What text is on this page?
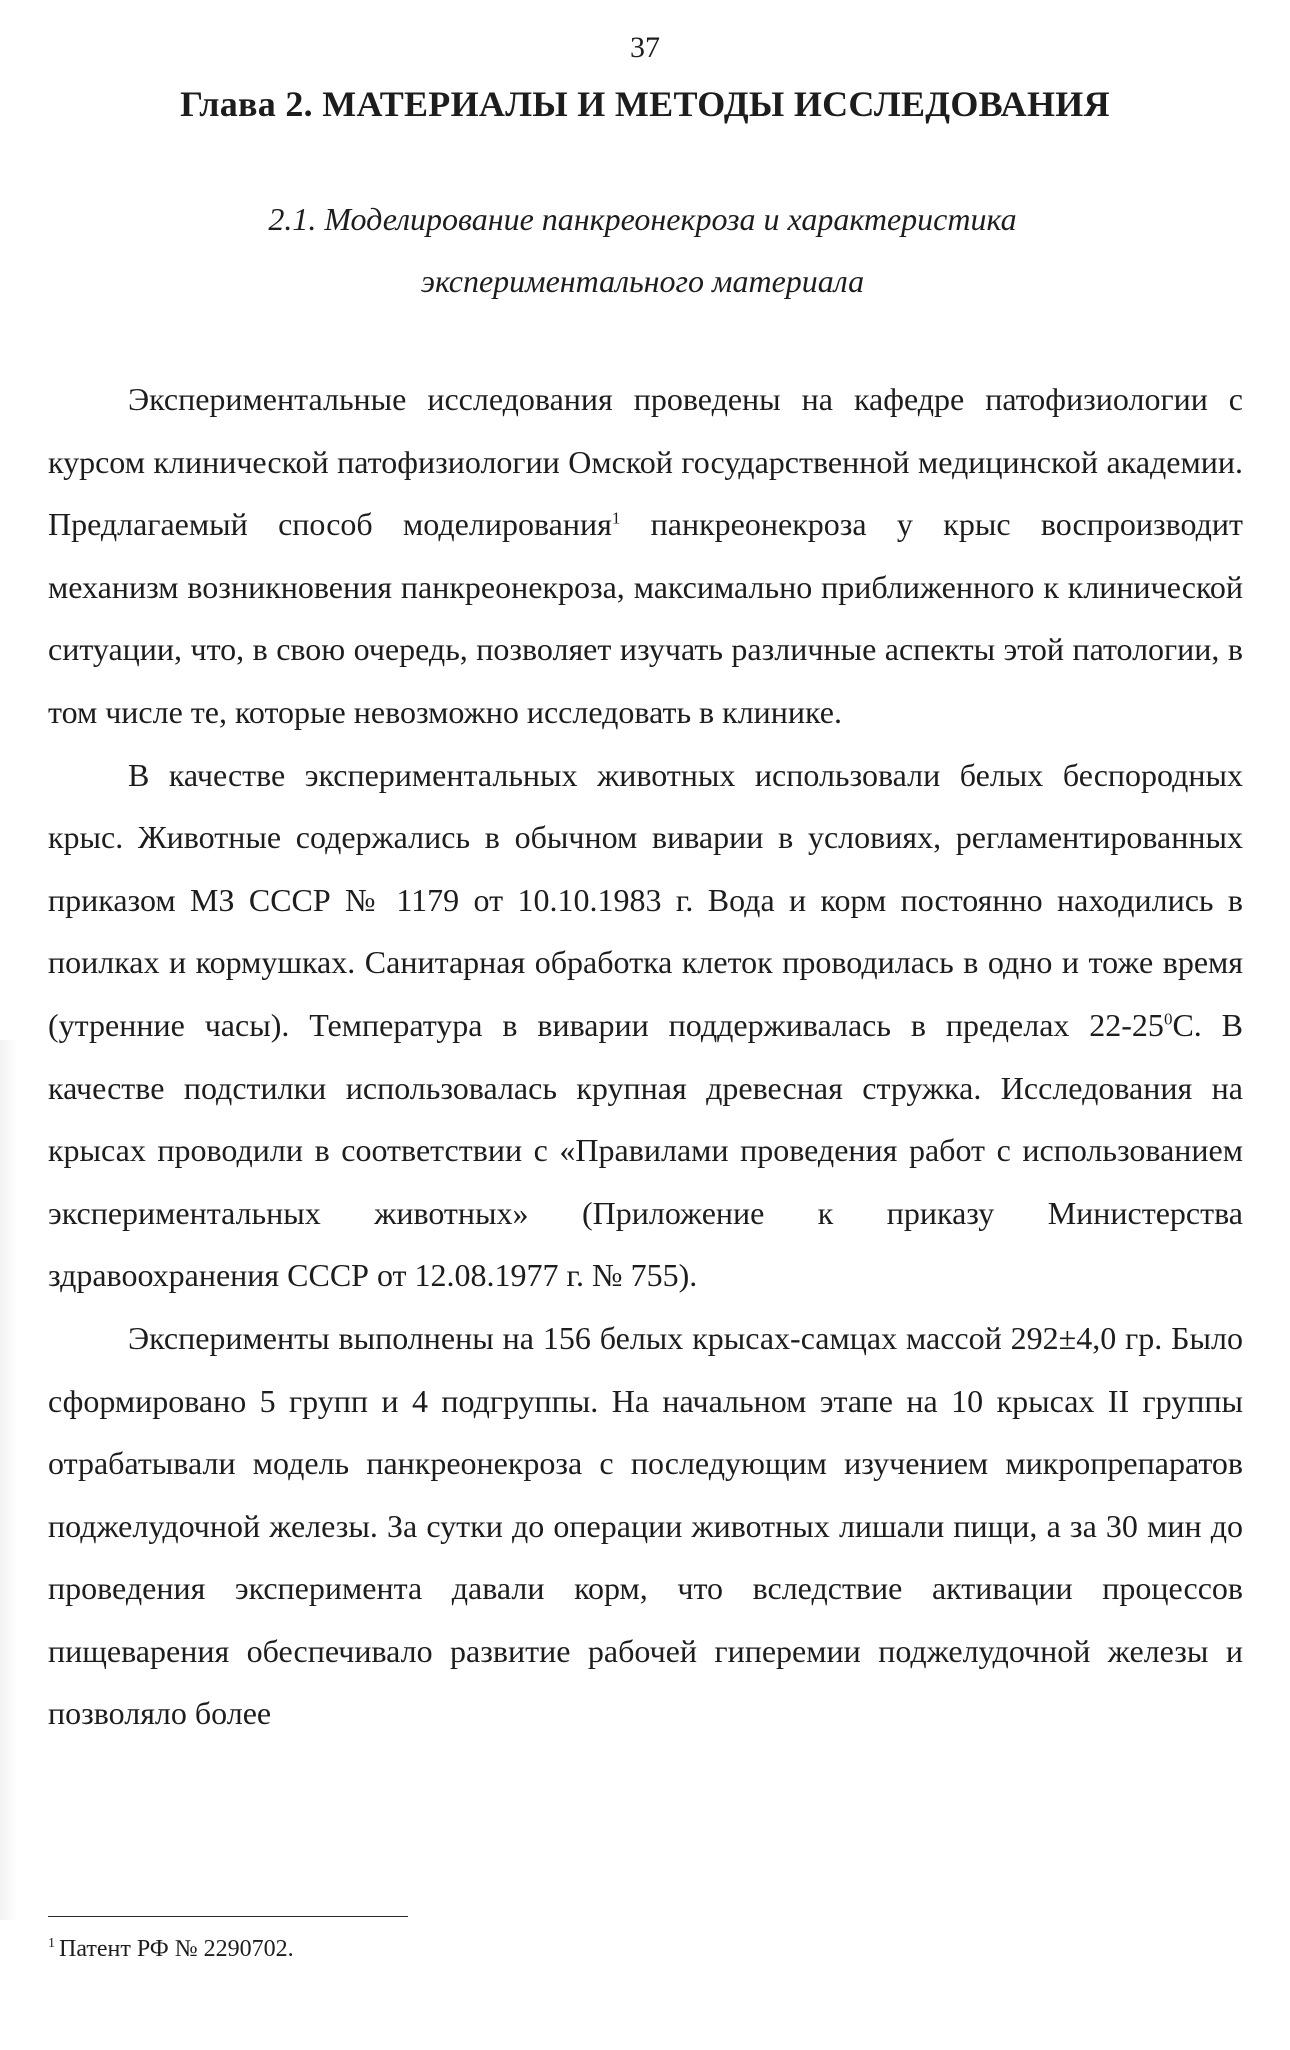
37
Глава 2. МАТЕРИАЛЫ И МЕТОДЫ ИССЛЕДОВАНИЯ
2.1. Моделирование панкреонекроза и характеристика экспериментального материала

Экспериментальные исследования проведены на кафедре патофизиологии с курсом клинической патофизиологии Омской государственной медицинской академии. Предлагаемый способ моделирования$^1$ панкреонекроза у крыс воспроизводит механизм возникновения панкреонекроза, максимально приближенного к клинической ситуации, что, в свою очередь, позволяет изучать различные аспекты этой патологии, в том числе те, которые невозможно исследовать в клинике.

В качестве экспериментальных животных использовали белых беспородных крыс. Животные содержались в обычном виварии в условиях, регламентированных приказом МЗ СССР № 1179 от 10.10.1983 г. Вода и корм постоянно находились в поилках и кормушках. Санитарная обработка клеток проводилась в одно и тоже время (утренние часы). Температура в виварии поддерживалась в пределах $22-25^0С$. В качестве подстилки использовалась крупная древесная стружка. Исследования на крысах проводили в соответствии с «Правилами проведения работ с использованием экспериментальных животных» (Приложение к приказу Министерства здравоохранения СССР от 12.08.1977 г. № 755).

Эксперименты выполнены на 156 белых крысах-самцах массой 292±4,0 гр. Было сформировано 5 групп и 4 подгруппы. На начальном этапе на 10 крысах II группы отрабатывали модель панкреонекроза с последующим изучением микропрепаратов поджелудочной железы. За сутки до операции животных лишали пищи, а за 30 мин до проведения эксперимента давали корм, что вследствие активации процессов пищеварения обеспечивало развитие рабочей гиперемии поджелудочной железы и позволяло более

$^1$ Патент РФ № 2290702.
